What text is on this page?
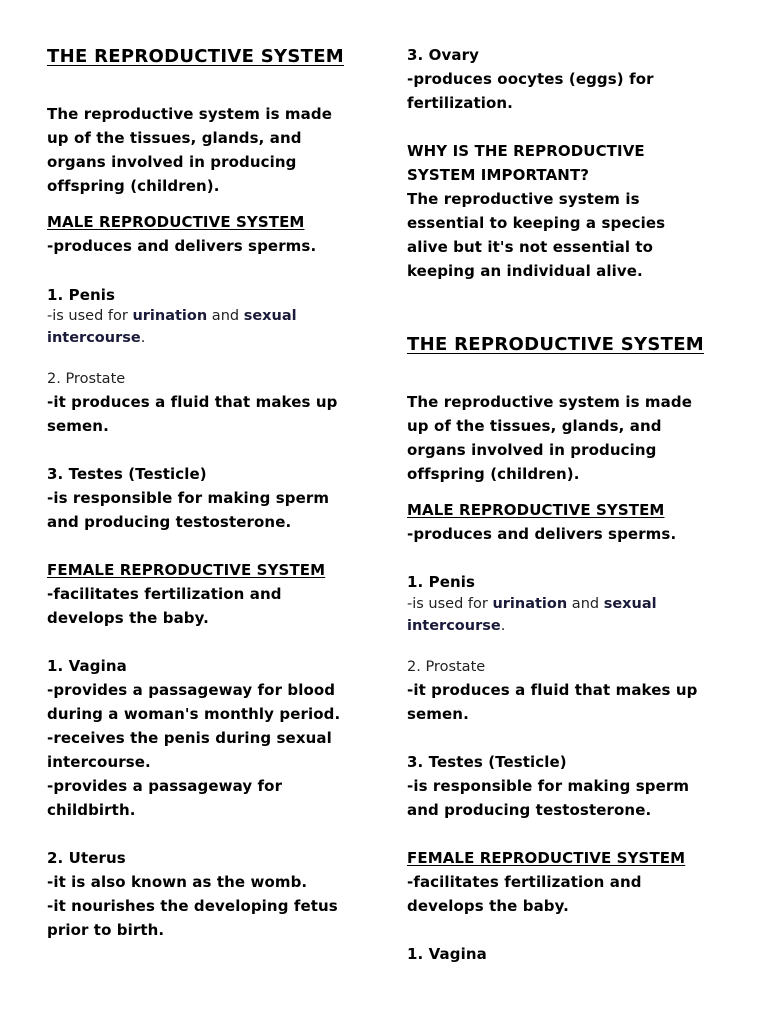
THE REPRODUCTIVE SYSTEM
The reproductive system is made
up of the tissues, glands, and
organs involved in producing
offspring (children).
MALE REPRODUCTIVE SYSTEM
-produces and delivers sperms.
1. Penis
-is used for urination and sexual
intercourse.
2. Prostate
-it produces a fluid that makes up
semen.
3. Testes (Testicle)
-is responsible for making sperm
and producing testosterone.
FEMALE REPRODUCTIVE SYSTEM
-facilitates fertilization and
develops the baby.
1. Vagina
-provides a passageway for blood
during a woman's monthly period.
-receives the penis during sexual
intercourse.
-provides a passageway for
childbirth.
2. Uterus
-it is also known as the womb.
-it nourishes the developing fetus
prior to birth.
3. Ovary
-produces oocytes (eggs) for
fertilization.
WHY IS THE REPRODUCTIVE
SYSTEM IMPORTANT?
The reproductive system is
essential to keeping a species
alive but it's not essential to
keeping an individual alive.
THE REPRODUCTIVE SYSTEM
The reproductive system is made
up of the tissues, glands, and
organs involved in producing
offspring (children).
MALE REPRODUCTIVE SYSTEM
-produces and delivers sperms.
1. Penis
-is used for urination and sexual
intercourse.
2. Prostate
-it produces a fluid that makes up
semen.
3. Testes (Testicle)
-is responsible for making sperm
and producing testosterone.
FEMALE REPRODUCTIVE SYSTEM
-facilitates fertilization and
develops the baby.
1. Vagina
